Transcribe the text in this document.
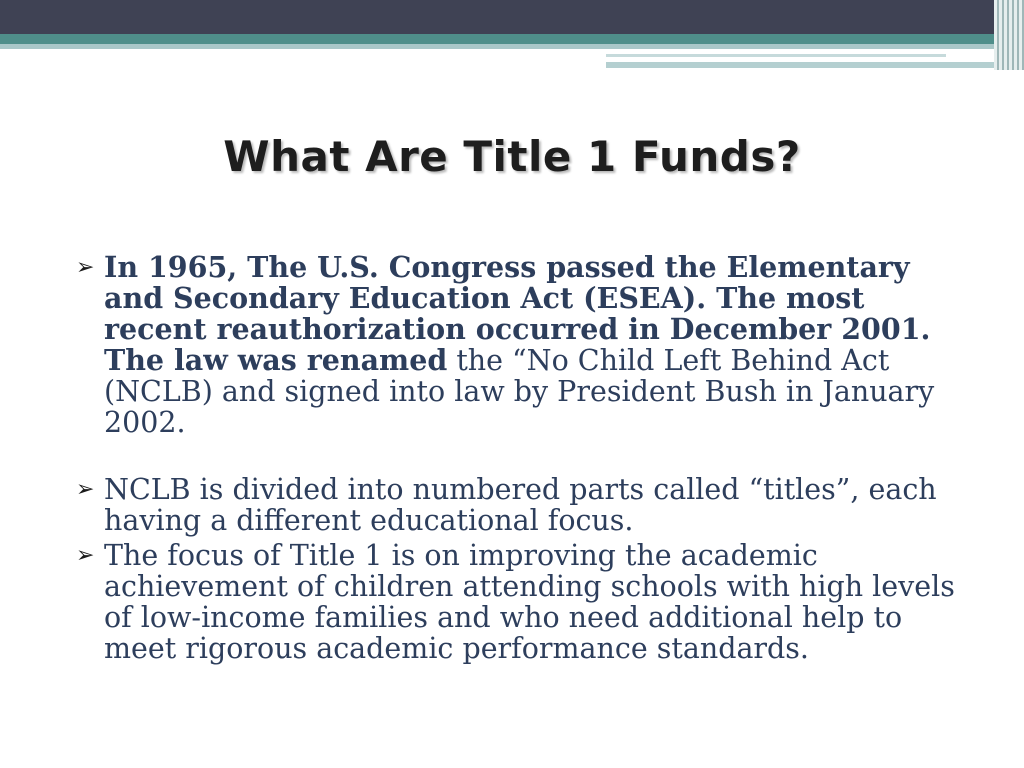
What Are Title 1 Funds?
➢ In 1965, The U.S. Congress passed the Elementary and Secondary Education Act (ESEA). The most recent reauthorization occurred in December 2001. The law was renamed the “No Child Left Behind Act (NCLB) and signed into law by President Bush in January 2002.
➢ NCLB is divided into numbered parts called “titles”, each having a different educational focus.
➢ The focus of Title 1 is on improving the academic achievement of children attending schools with high levels of low-income families and who need additional help to meet rigorous academic performance standards.
